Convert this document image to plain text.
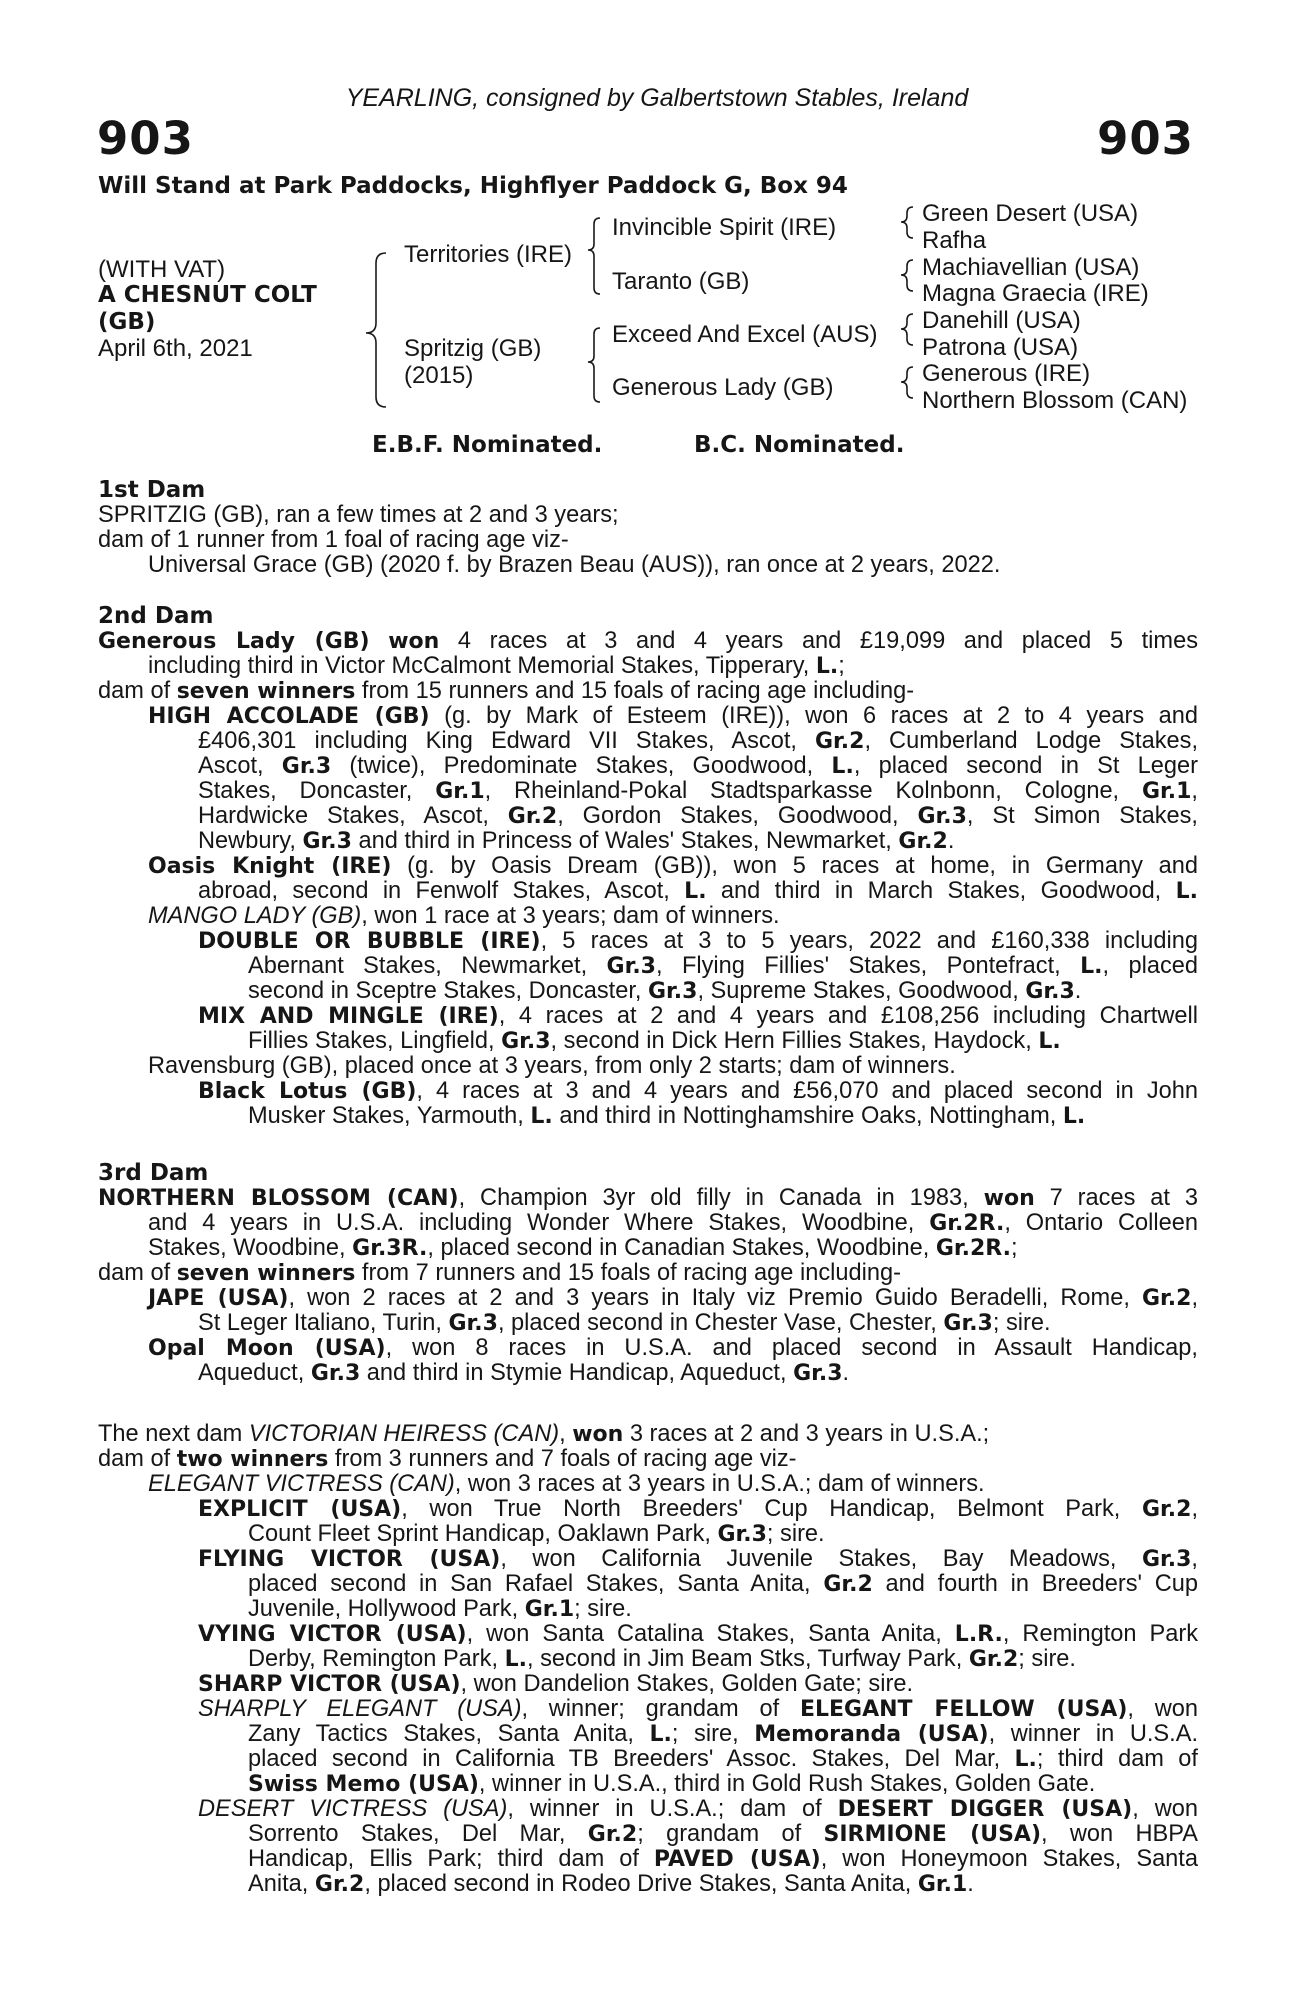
YEARLING, consigned by Galbertstown Stables, Ireland
903	903
Will Stand at Park Paddocks, Highflyer Paddock G, Box 94
(WITH VAT)
A CHESNUT COLT
(GB)
April 6th, 2021
Territories (IRE)
Spritzig (GB)
(2015)
Invincible Spirit (IRE)
Taranto (GB)
Exceed And Excel (AUS)
Generous Lady (GB)
Green Desert (USA)
Rafha
Machiavellian (USA)
Magna Graecia (IRE)
Danehill (USA)
Patrona (USA)
Generous (IRE)
Northern Blossom (CAN)
E.B.F. Nominated.	B.C. Nominated.
1st Dam
SPRITZIG (GB), ran a few times at 2 and 3 years;
dam of 1 runner from 1 foal of racing age viz-
Universal Grace (GB) (2020 f. by Brazen Beau (AUS)), ran once at 2 years, 2022.
2nd Dam
Generous Lady (GB) won 4 races at 3 and 4 years and £19,099 and placed 5 times
including third in Victor McCalmont Memorial Stakes, Tipperary, L.;
dam of seven winners from 15 runners and 15 foals of racing age including-
HIGH ACCOLADE (GB) (g. by Mark of Esteem (IRE)), won 6 races at 2 to 4 years and
£406,301 including King Edward VII Stakes, Ascot, Gr.2, Cumberland Lodge Stakes,
Ascot, Gr.3 (twice), Predominate Stakes, Goodwood, L., placed second in St Leger
Stakes, Doncaster, Gr.1, Rheinland-Pokal Stadtsparkasse Kolnbonn, Cologne, Gr.1,
Hardwicke Stakes, Ascot, Gr.2, Gordon Stakes, Goodwood, Gr.3, St Simon Stakes,
Newbury, Gr.3 and third in Princess of Wales' Stakes, Newmarket, Gr.2.
Oasis Knight (IRE) (g. by Oasis Dream (GB)), won 5 races at home, in Germany and
abroad, second in Fenwolf Stakes, Ascot, L. and third in March Stakes, Goodwood, L.
MANGO LADY (GB), won 1 race at 3 years; dam of winners.
DOUBLE OR BUBBLE (IRE), 5 races at 3 to 5 years, 2022 and £160,338 including
Abernant Stakes, Newmarket, Gr.3, Flying Fillies' Stakes, Pontefract, L., placed
second in Sceptre Stakes, Doncaster, Gr.3, Supreme Stakes, Goodwood, Gr.3.
MIX AND MINGLE (IRE), 4 races at 2 and 4 years and £108,256 including Chartwell
Fillies Stakes, Lingfield, Gr.3, second in Dick Hern Fillies Stakes, Haydock, L.
Ravensburg (GB), placed once at 3 years, from only 2 starts; dam of winners.
Black Lotus (GB), 4 races at 3 and 4 years and £56,070 and placed second in John
Musker Stakes, Yarmouth, L. and third in Nottinghamshire Oaks, Nottingham, L.
3rd Dam
NORTHERN BLOSSOM (CAN), Champion 3yr old filly in Canada in 1983, won 7 races at 3
and 4 years in U.S.A. including Wonder Where Stakes, Woodbine, Gr.2R., Ontario Colleen
Stakes, Woodbine, Gr.3R., placed second in Canadian Stakes, Woodbine, Gr.2R.;
dam of seven winners from 7 runners and 15 foals of racing age including-
JAPE (USA), won 2 races at 2 and 3 years in Italy viz Premio Guido Beradelli, Rome, Gr.2,
St Leger Italiano, Turin, Gr.3, placed second in Chester Vase, Chester, Gr.3; sire.
Opal Moon (USA), won 8 races in U.S.A. and placed second in Assault Handicap,
Aqueduct, Gr.3 and third in Stymie Handicap, Aqueduct, Gr.3.
The next dam VICTORIAN HEIRESS (CAN), won 3 races at 2 and 3 years in U.S.A.;
dam of two winners from 3 runners and 7 foals of racing age viz-
ELEGANT VICTRESS (CAN), won 3 races at 3 years in U.S.A.; dam of winners.
EXPLICIT (USA), won True North Breeders' Cup Handicap, Belmont Park, Gr.2,
Count Fleet Sprint Handicap, Oaklawn Park, Gr.3; sire.
FLYING VICTOR (USA), won California Juvenile Stakes, Bay Meadows, Gr.3,
placed second in San Rafael Stakes, Santa Anita, Gr.2 and fourth in Breeders' Cup
Juvenile, Hollywood Park, Gr.1; sire.
VYING VICTOR (USA), won Santa Catalina Stakes, Santa Anita, L.R., Remington Park
Derby, Remington Park, L., second in Jim Beam Stks, Turfway Park, Gr.2; sire.
SHARP VICTOR (USA), won Dandelion Stakes, Golden Gate; sire.
SHARPLY ELEGANT (USA), winner; grandam of ELEGANT FELLOW (USA), won
Zany Tactics Stakes, Santa Anita, L.; sire, Memoranda (USA), winner in U.S.A.
placed second in California TB Breeders' Assoc. Stakes, Del Mar, L.; third dam of
Swiss Memo (USA), winner in U.S.A., third in Gold Rush Stakes, Golden Gate.
DESERT VICTRESS (USA), winner in U.S.A.; dam of DESERT DIGGER (USA), won
Sorrento Stakes, Del Mar, Gr.2; grandam of SIRMIONE (USA), won HBPA
Handicap, Ellis Park; third dam of PAVED (USA), won Honeymoon Stakes, Santa
Anita, Gr.2, placed second in Rodeo Drive Stakes, Santa Anita, Gr.1.
